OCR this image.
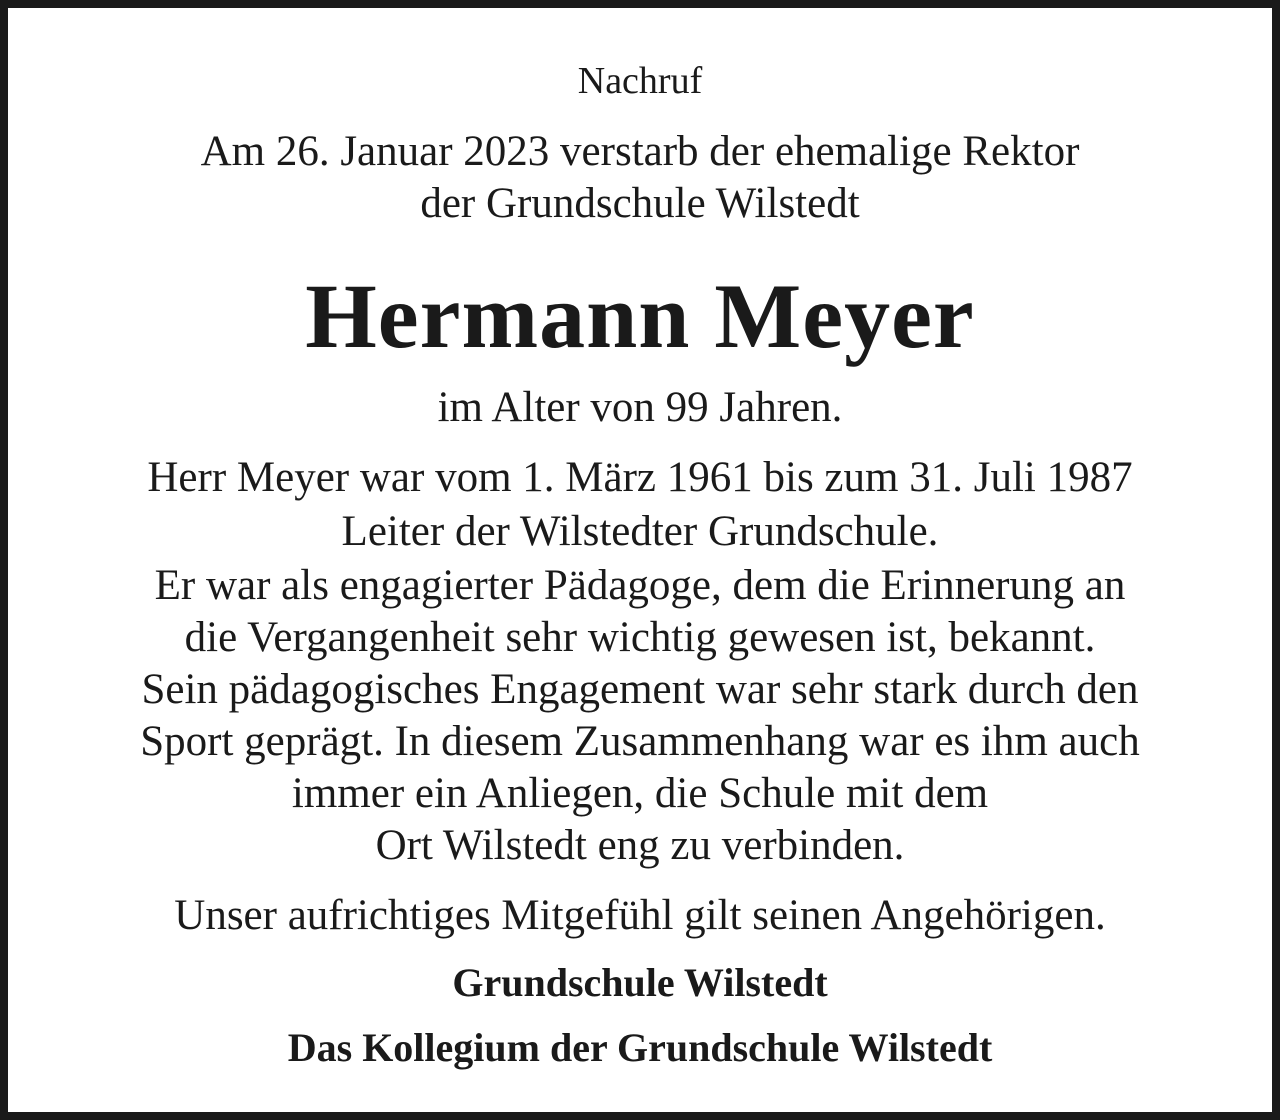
Nachruf

Am 26. Januar 2023 verstarb der ehemalige Rektor

der Grundschule Wilstedt

Hermann Meyer

im Alter von 99 Jahren.

Herr Meyer war vom 1. März 1961 bis zum 31. Juli 1987

Leiter der Wilstedter Grundschule.

Er war als engagierter Pädagoge, dem die Erinnerung an

die Vergangenheit sehr wichtig gewesen ist, bekannt.

Sein pädagogisches Engagement war sehr stark durch den

Sport geprägt. In diesem Zusammenhang war es ihm auch

immer ein Anliegen, die Schule mit dem

Ort Wilstedt eng zu verbinden.

Unser aufrichtiges Mitgefühl gilt seinen Angehörigen.

Grundschule Wilstedt

Das Kollegium der Grundschule Wilstedt
